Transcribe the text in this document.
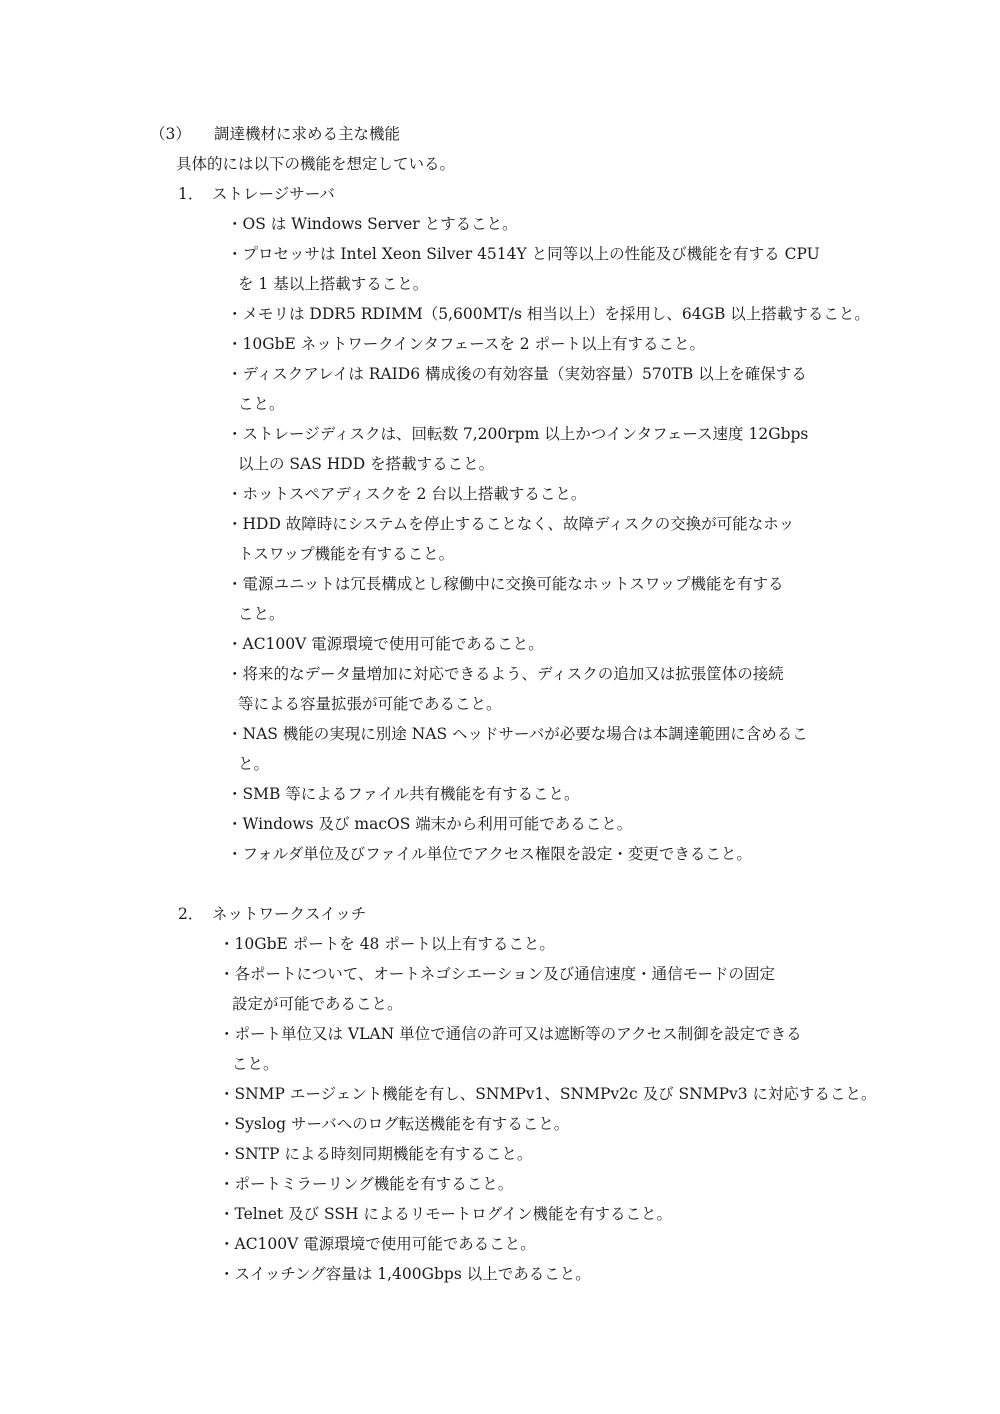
（3） 調達機材に求める主な機能
具体的には以下の機能を想定している。
1． ストレージサーバ
・OS は Windows Server とすること。
・プロセッサは Intel Xeon Silver 4514Y と同等以上の性能及び機能を有する CPU
を 1 基以上搭載すること。
・メモリは DDR5 RDIMM（5,600MT/s 相当以上）を採用し、64GB 以上搭載すること。
・10GbE ネットワークインタフェースを 2 ポート以上有すること。
・ディスクアレイは RAID6 構成後の有効容量（実効容量）570TB 以上を確保する
こと。
・ストレージディスクは、回転数 7,200rpm 以上かつインタフェース速度 12Gbps
以上の SAS HDD を搭載すること。
・ホットスペアディスクを 2 台以上搭載すること。
・HDD 故障時にシステムを停止することなく、故障ディスクの交換が可能なホッ
トスワップ機能を有すること。
・電源ユニットは冗長構成とし稼働中に交換可能なホットスワップ機能を有する
こと。
・AC100V 電源環境で使用可能であること。
・将来的なデータ量増加に対応できるよう、ディスクの追加又は拡張筐体の接続
等による容量拡張が可能であること。
・NAS 機能の実現に別途 NAS ヘッドサーバが必要な場合は本調達範囲に含めるこ
と。
・SMB 等によるファイル共有機能を有すること。
・Windows 及び macOS 端末から利用可能であること。
・フォルダ単位及びファイル単位でアクセス権限を設定・変更できること。
2． ネットワークスイッチ
・10GbE ポートを 48 ポート以上有すること。
・各ポートについて、オートネゴシエーション及び通信速度・通信モードの固定
設定が可能であること。
・ポート単位又は VLAN 単位で通信の許可又は遮断等のアクセス制御を設定できる
こと。
・SNMP エージェント機能を有し、SNMPv1、SNMPv2c 及び SNMPv3 に対応すること。
・Syslog サーバへのログ転送機能を有すること。
・SNTP による時刻同期機能を有すること。
・ポートミラーリング機能を有すること。
・Telnet 及び SSH によるリモートログイン機能を有すること。
・AC100V 電源環境で使用可能であること。
・スイッチング容量は 1,400Gbps 以上であること。
